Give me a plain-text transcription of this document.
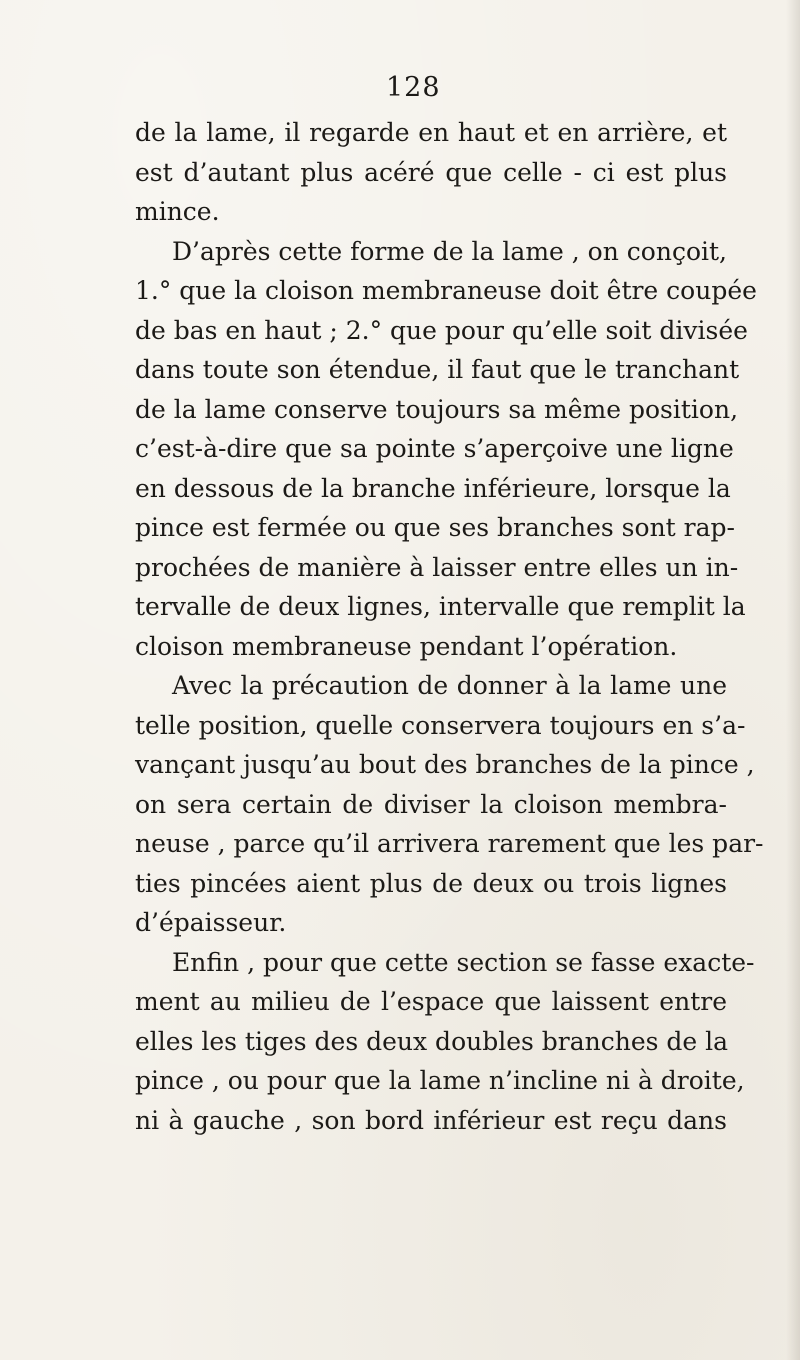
128
de la lame, il regarde en haut et en arrière, et
est d’autant plus acéré que celle - ci est plus
mince.
D’après cette forme de la lame , on conçoit,
1.° que la cloison membraneuse doit être coupée
de bas en haut ; 2.° que pour qu’elle soit divisée
dans toute son étendue, il faut que le tranchant
de la lame conserve toujours sa même position,
c’est-à-dire que sa pointe s’aperçoive une ligne
en dessous de la branche inférieure, lorsque la
pince est fermée ou que ses branches sont rap-
prochées de manière à laisser entre elles un in-
tervalle de deux lignes, intervalle que remplit la
cloison membraneuse pendant l’opération.
Avec la précaution de donner à la lame une
telle position, quelle conservera toujours en s’a-
vançant jusqu’au bout des branches de la pince ,
on sera certain de diviser la cloison membra-
neuse , parce qu’il arrivera rarement que les par-
ties pincées aient plus de deux ou trois lignes
d’épaisseur.
Enfin , pour que cette section se fasse exacte-
ment au milieu de l’espace que laissent entre
elles les tiges des deux doubles branches de la
pince , ou pour que la lame n’incline ni à droite,
ni à gauche , son bord inférieur est reçu dans
